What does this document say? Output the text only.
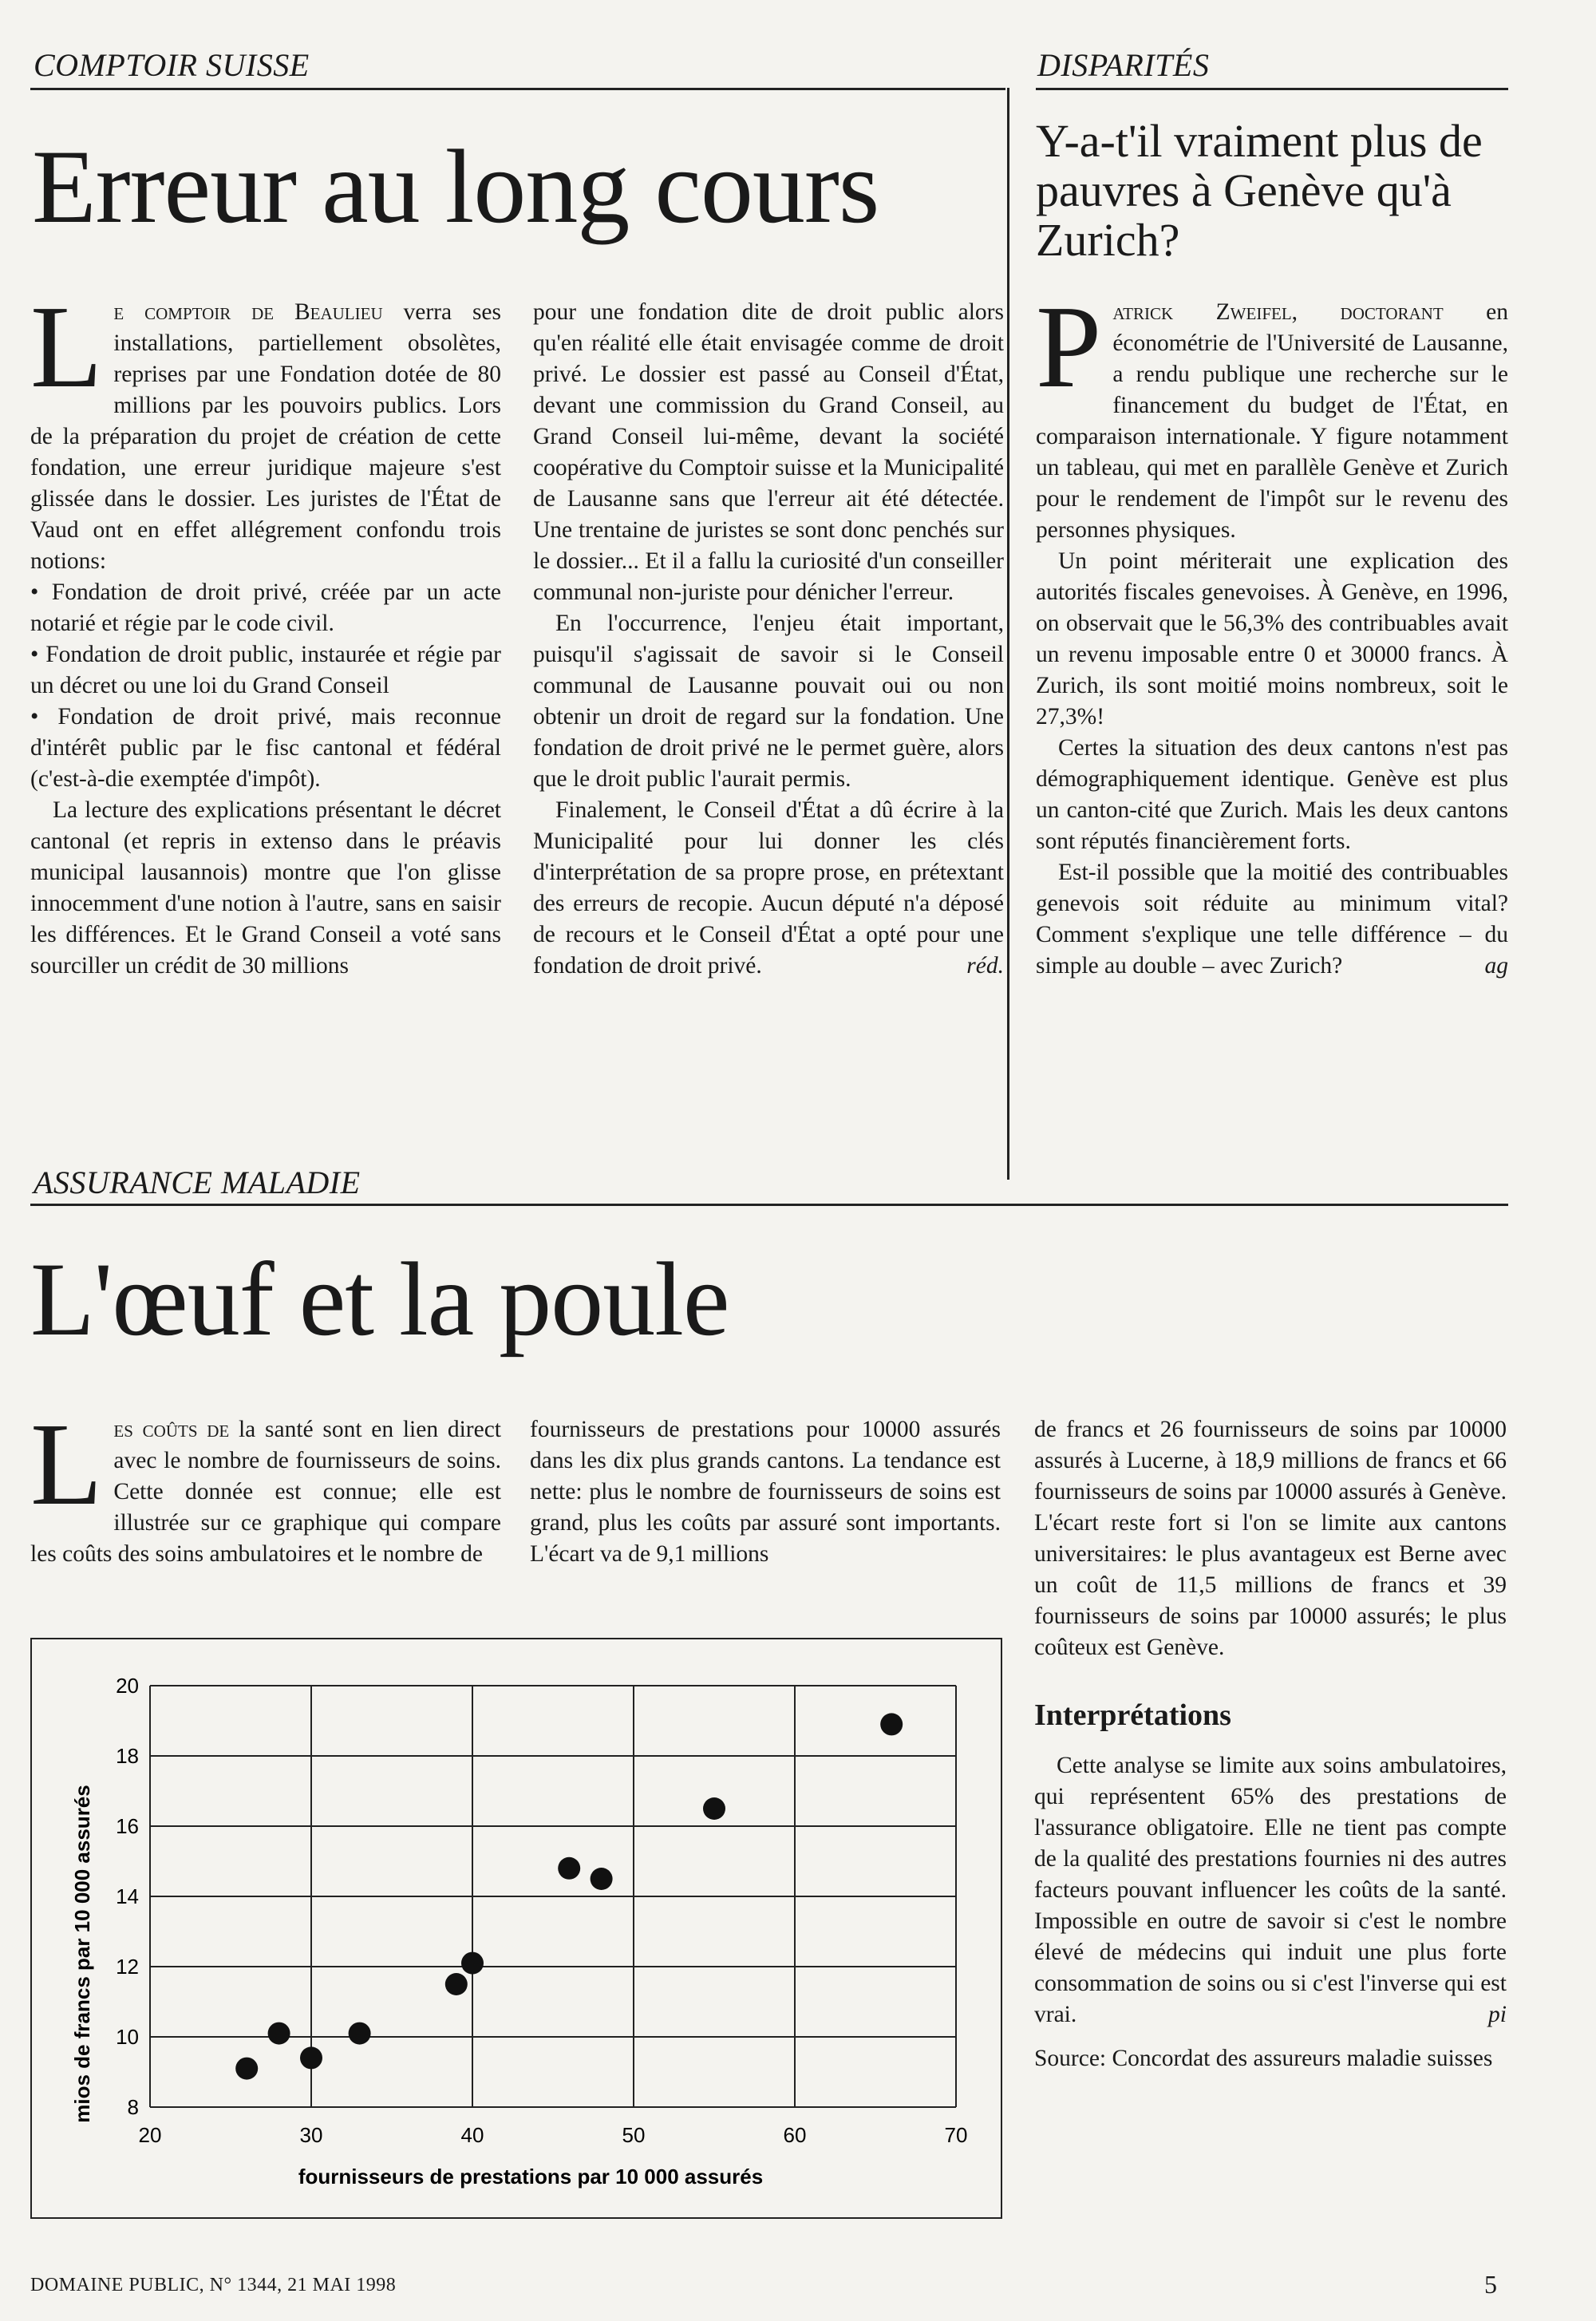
COMPTOIR SUISSE
Erreur au long cours

L e comptoir de Beaulieu verra ses installations, partiellement obsolètes, reprises par une Fondation dotée de 80 millions par les pouvoirs publics. Lors de la préparation du projet de création de cette fondation, une erreur juridique majeure s'est glissée dans le dossier. Les juristes de l'État de Vaud ont en effet allégrement confondu trois notions:

• Fondation de droit privé, créée par un acte notarié et régie par le code civil.
• Fondation de droit public, instaurée et régie par un décret ou une loi du Grand Conseil
• Fondation de droit privé, mais reconnue d'intérêt public par le fisc cantonal et fédéral (c'est-à-die exemptée d'impôt).

La lecture des explications présentant le décret cantonal (et repris in extenso dans le préavis municipal lausannois) montre que l'on glisse innocemment d'une notion à l'autre, sans en saisir les différences. Et le Grand Conseil a voté sans sourciller un crédit de 30 millions

pour une fondation dite de droit public alors qu'en réalité elle était envisagée comme de droit privé. Le dossier est passé au Conseil d'État, devant une commission du Grand Conseil, au Grand Conseil lui-même, devant la société coopérative du Comptoir suisse et la Municipalité de Lausanne sans que l'erreur ait été détectée. Une trentaine de juristes se sont donc penchés sur le dossier... Et il a fallu la curiosité d'un conseiller communal non-juriste pour dénicher l'erreur.

En l'occurrence, l'enjeu était important, puisqu'il s'agissait de savoir si le Conseil communal de Lausanne pouvait oui ou non obtenir un droit de regard sur la fondation. Une fondation de droit privé ne le permet guère, alors que le droit public l'aurait permis.

Finalement, le Conseil d'État a dû écrire à la Municipalité pour lui donner les clés d'interprétation de sa propre prose, en prétextant des erreurs de recopie. Aucun député n'a déposé de recours et le Conseil d'État a opté pour une fondation de droit privé.	réd.

DISPARITÉS
Y-a-t'il vraiment plus de pauvres à Genève qu'à Zurich?

P atrick Zweifel, doctorant en économétrie de l'Université de Lausanne, a rendu publique une recherche sur le financement du budget de l'État, en comparaison internationale. Y figure notamment un tableau, qui met en parallèle Genève et Zurich pour le rendement de l'impôt sur le revenu des personnes physiques.

Un point mériterait une explication des autorités fiscales genevoises. À Genève, en 1996, on observait que le 56,3% des contribuables avait un revenu imposable entre 0 et 30000 francs. À Zurich, ils sont moitié moins nombreux, soit le 27,3%!

Certes la situation des deux cantons n'est pas démographiquement identique. Genève est plus un canton-cité que Zurich. Mais les deux cantons sont réputés financièrement forts.

Est-il possible que la moitié des contribuables genevois soit réduite au minimum vital? Comment s'explique une telle différence – du simple au double – avec Zurich?	ag

ASSURANCE MALADIE
L'œuf et la poule

L es coûts de la santé sont en lien direct avec le nombre de fournisseurs de soins. Cette donnée est connue; elle est illustrée sur ce graphique qui compare les coûts des soins ambulatoires et le nombre de

fournisseurs de prestations pour 10000 assurés dans les dix plus grands cantons. La tendance est nette: plus le nombre de fournisseurs de soins est grand, plus les coûts par assuré sont importants. L'écart va de 9,1 millions

de francs et 26 fournisseurs de soins par 10000 assurés à Lucerne, à 18,9 millions de francs et 66 fournisseurs de soins par 10000 assurés à Genève. L'écart reste fort si l'on se limite aux cantons universitaires: le plus avantageux est Berne avec un coût de 11,5 millions de francs et 39 fournisseurs de soins par 10000 assurés; le plus coûteux est Genève.

Interprétations

Cette analyse se limite aux soins ambulatoires, qui représentent 65% des prestations de l'assurance obligatoire. Elle ne tient pas compte de la qualité des prestations fournies ni des autres facteurs pouvant influencer les coûts de la santé. Impossible en outre de savoir si c'est le nombre élevé de médecins qui induit une plus forte consommation de soins ou si c'est l'inverse qui est vrai.	pi

Source: Concordat des assureurs maladie suisses

20	30	40	50	60	70
8
10
12
14
16
18
20
mios de francs par 10 000 assurés
fournisseurs de prestations par 10 000 assurés
DOMAINE PUBLIC, N° 1344, 21 MAI 1998	5
